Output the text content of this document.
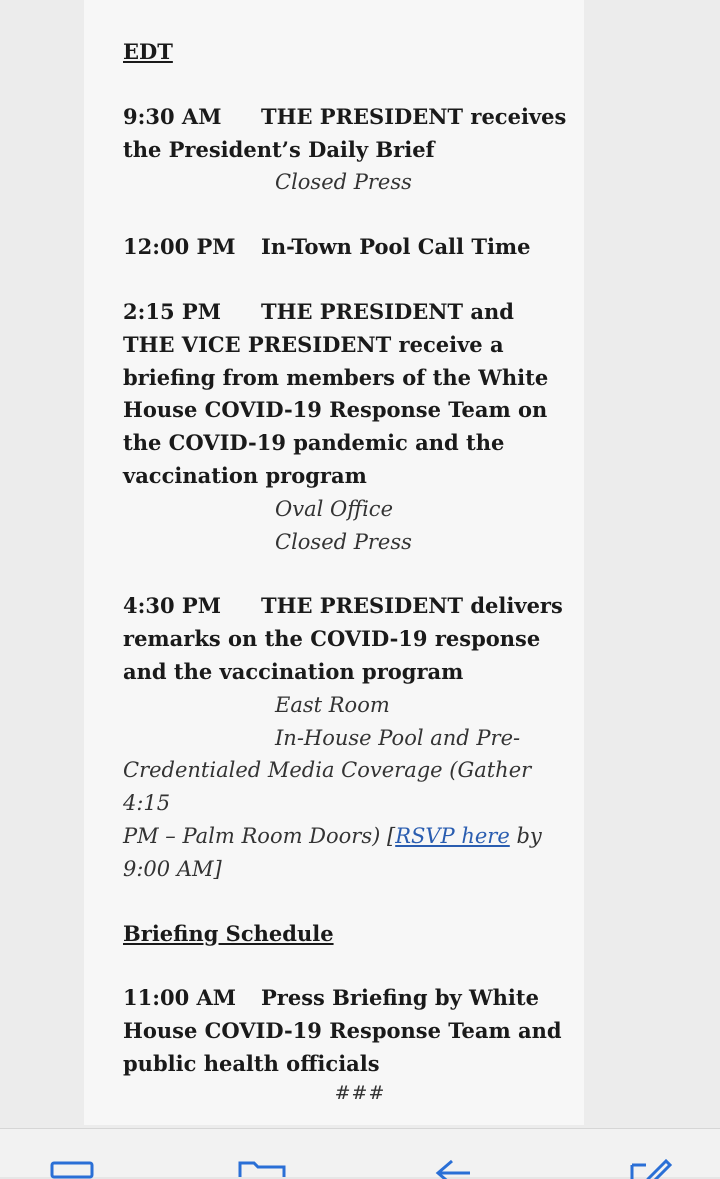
EDT
9:30 AM THE PRESIDENT receives
the President’s Daily Brief
Closed Press
12:00 PM In-Town Pool Call Time
2:15 PM THE PRESIDENT and
THE VICE PRESIDENT receive a
briefing from members of the White
House COVID-19 Response Team on
the COVID-19 pandemic and the
vaccination program
Oval Office
Closed Press
4:30 PM THE PRESIDENT delivers
remarks on the COVID-19 response
and the vaccination program
East Room
In-House Pool and Pre-
Credentialed Media Coverage (Gather 4:15
PM – Palm Room Doors) [RSVP here by
9:00 AM]
Briefing Schedule
11:00 AM Press Briefing by White
House COVID-19 Response Team and
public health officials
###
